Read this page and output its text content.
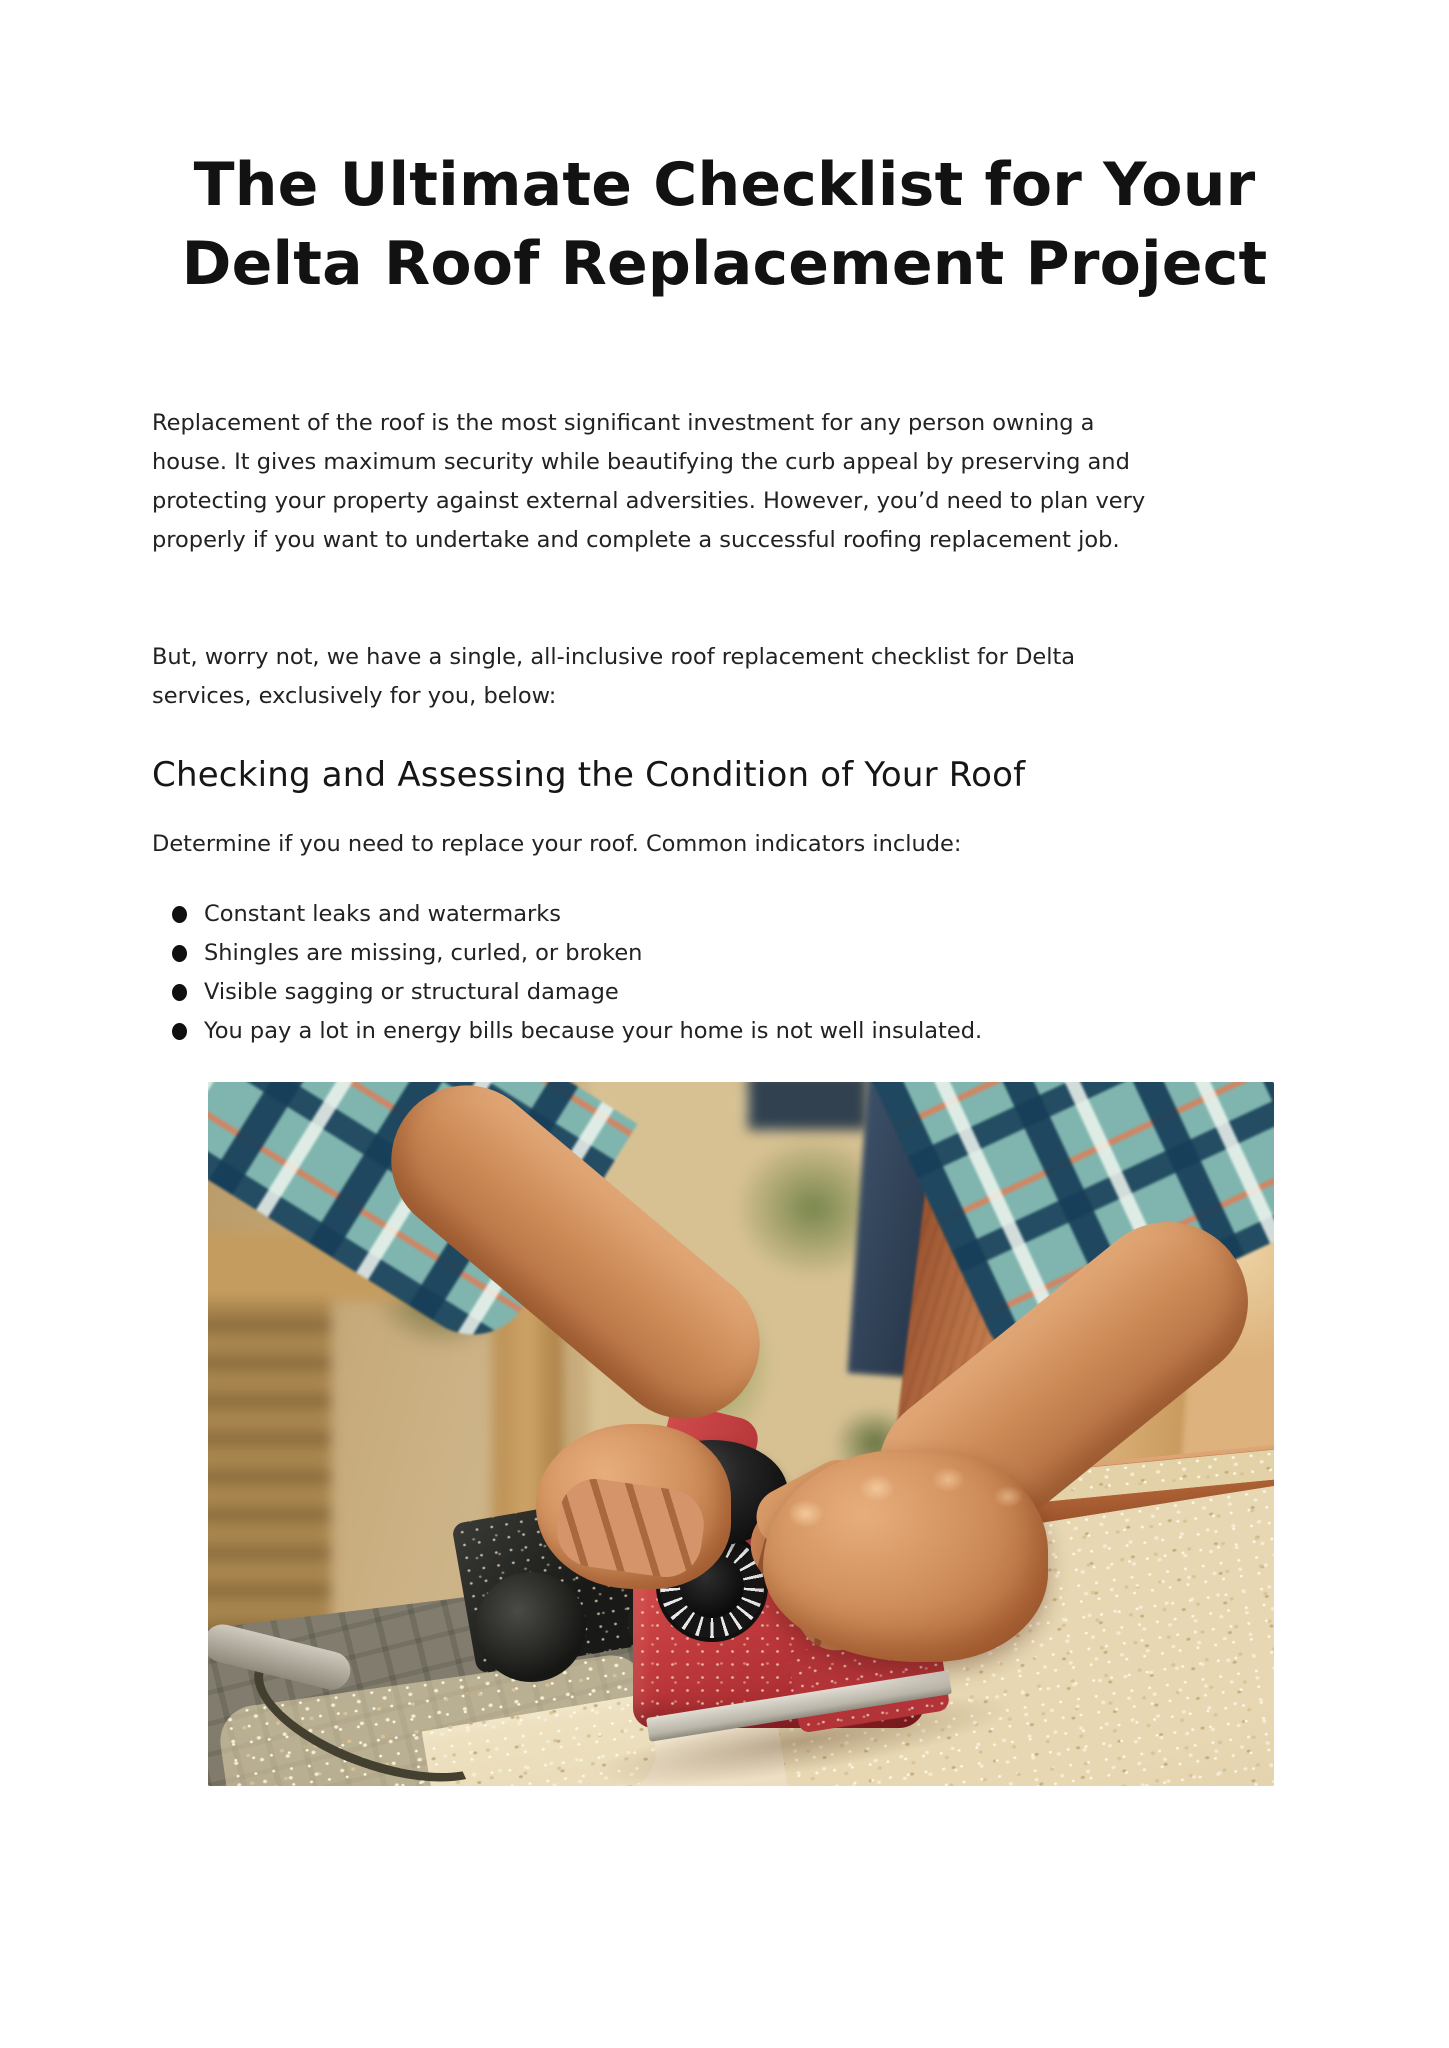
The Ultimate Checklist for Your
Delta Roof Replacement Project

Replacement of the roof is the most significant investment for any person owning a house. It gives maximum security while beautifying the curb appeal by preserving and protecting your property against external adversities. However, you’d need to plan very properly if you want to undertake and complete a successful roofing replacement job.

But, worry not, we have a single, all-inclusive roof replacement checklist for Delta services, exclusively for you, below:

Checking and Assessing the Condition of Your Roof

Determine if you need to replace your roof. Common indicators include:

Constant leaks and watermarks
Shingles are missing, curled, or broken
Visible sagging or structural damage
You pay a lot in energy bills because your home is not well insulated.
